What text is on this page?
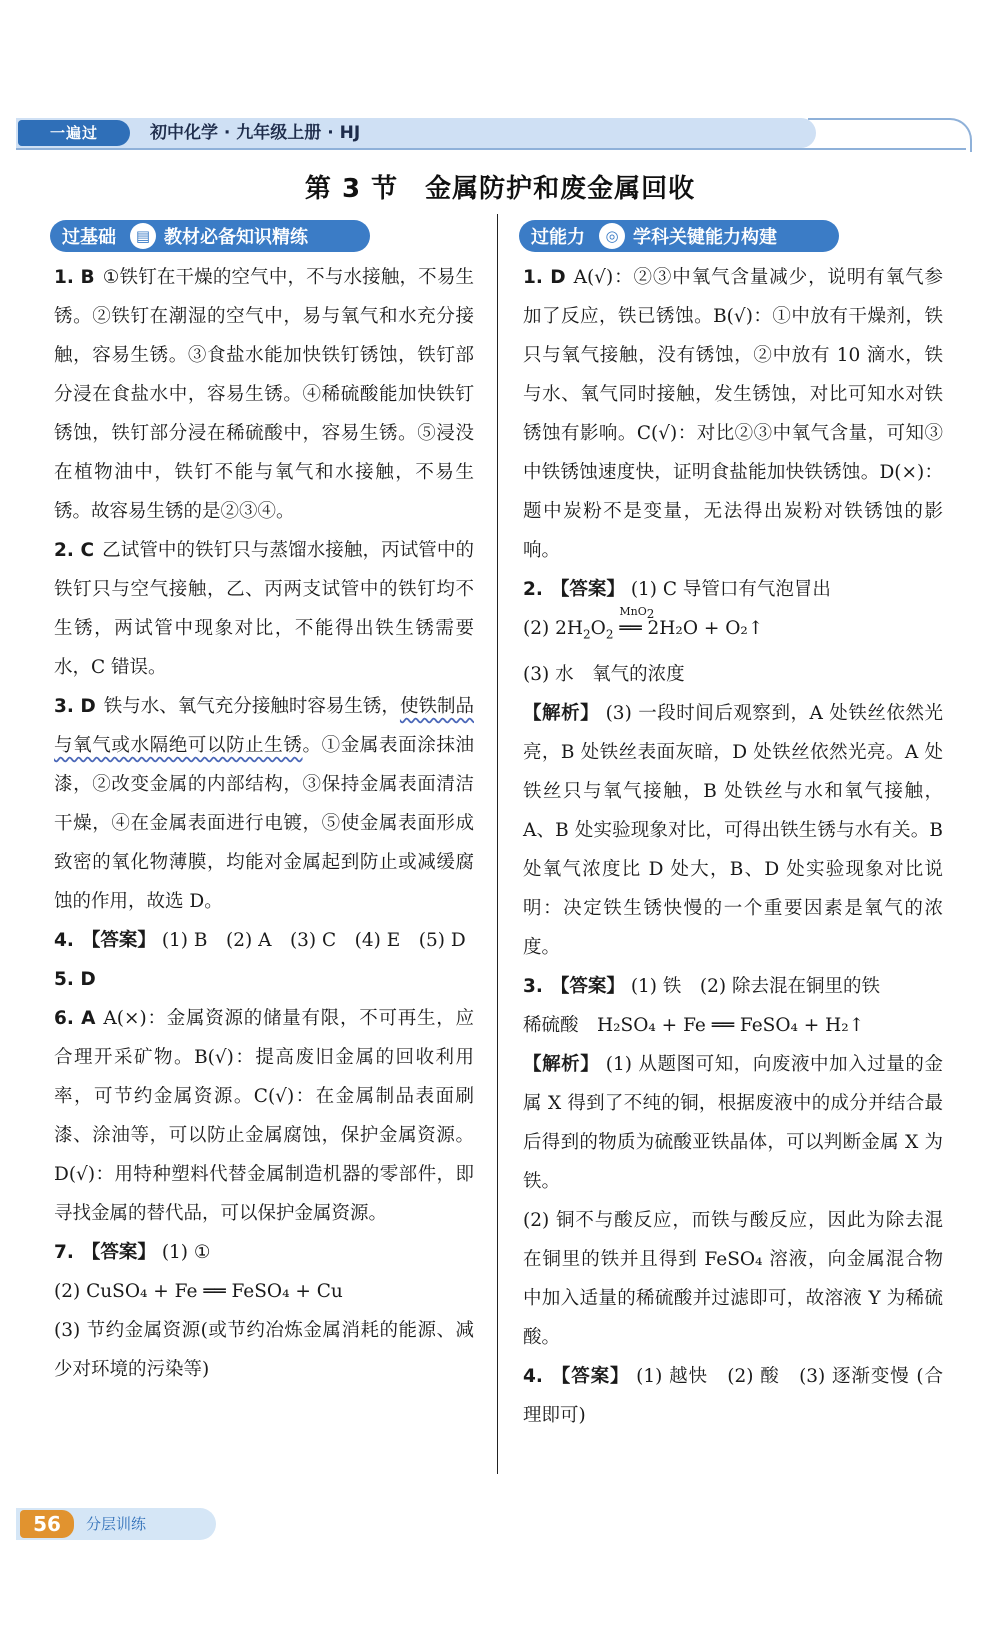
一遍过	初中化学 · 九年级上册 · HJ
第 3 节　金属防护和废金属回收
过基础	▤ 教材必备知识精练

1. B ①铁钉在干燥的空气中，不与水接触，不易生锈。②铁钉在潮湿的空气中，易与氧气和水充分接触，容易生锈。③食盐水能加快铁钉锈蚀，铁钉部分浸在食盐水中，容易生锈。④稀硫酸能加快铁钉锈蚀，铁钉部分浸在稀硫酸中，容易生锈。⑤浸没在植物油中，铁钉不能与氧气和水接触，不易生锈。故容易生锈的是②③④。

2. C 乙试管中的铁钉只与蒸馏水接触，丙试管中的铁钉只与空气接触，乙、丙两支试管中的铁钉均不生锈，两试管中现象对比，不能得出铁生锈需要水，C 错误。

3. D 铁与水、氧气充分接触时容易生锈，使铁制品与氧气或水隔绝可以防止生锈。①金属表面涂抹油漆，②改变金属的内部结构，③保持金属表面清洁干燥，④在金属表面进行电镀，⑤使金属表面形成致密的氧化物薄膜，均能对金属起到防止或减缓腐蚀的作用，故选 D。

4. 【答案】 (1) B　(2) A　(3) C　(4) E　(5) D

5. D

6. A A(×)：金属资源的储量有限，不可再生，应合理开采矿物。B(√)：提高废旧金属的回收利用率，可节约金属资源。C(√)：在金属制品表面刷漆、涂油等，可以防止金属腐蚀，保护金属资源。D(√)：用特种塑料代替金属制造机器的零部件，即寻找金属的替代品，可以保护金属资源。

7. 【答案】 (1) ①

(2) CuSO₄ + Fe ══ FeSO₄ + Cu

(3) 节约金属资源(或节约冶炼金属消耗的能源、减少对环境的污染等)

过能力	◎ 学科关键能力构建

1. D A(√)：②③中氧气含量减少，说明有氧气参加了反应，铁已锈蚀。B(√)：①中放有干燥剂，铁只与氧气接触，没有锈蚀，②中放有 10 滴水，铁与水、氧气同时接触，发生锈蚀，对比可知水对铁锈蚀有影响。C(√)：对比②③中氧气含量，可知③中铁锈蚀速度快，证明食盐能加快铁锈蚀。D(×)：题中炭粉不是变量，无法得出炭粉对铁锈蚀的影响。

2. 【答案】 (1) C 导管口有气泡冒出

(2) $2H_2O_2$
MnO$_2$
══ 2H₂O + O₂↑

(3) 水　氧气的浓度

【解析】 (3) 一段时间后观察到，A 处铁丝依然光亮，B 处铁丝表面灰暗，D 处铁丝依然光亮。A 处铁丝只与氧气接触，B 处铁丝与水和氧气接触，A、B 处实验现象对比，可得出铁生锈与水有关。B 处氧气浓度比 D 处大，B、D 处实验现象对比说明：决定铁生锈快慢的一个重要因素是氧气的浓度。

3. 【答案】 (1) 铁　(2) 除去混在铜里的铁

稀硫酸　H₂SO₄ + Fe ══ FeSO₄ + H₂↑

【解析】 (1) 从题图可知，向废液中加入过量的金属 X 得到了不纯的铜，根据废液中的成分并结合最后得到的物质为硫酸亚铁晶体，可以判断金属 X 为铁。

(2) 铜不与酸反应，而铁与酸反应，因此为除去混在铜里的铁并且得到 FeSO₄ 溶液，向金属混合物中加入适量的稀硫酸并过滤即可，故溶液 Y 为稀硫酸。

4. 【答案】 (1) 越快　(2) 酸　(3) 逐渐变慢 (合理即可)

56	分层训练
